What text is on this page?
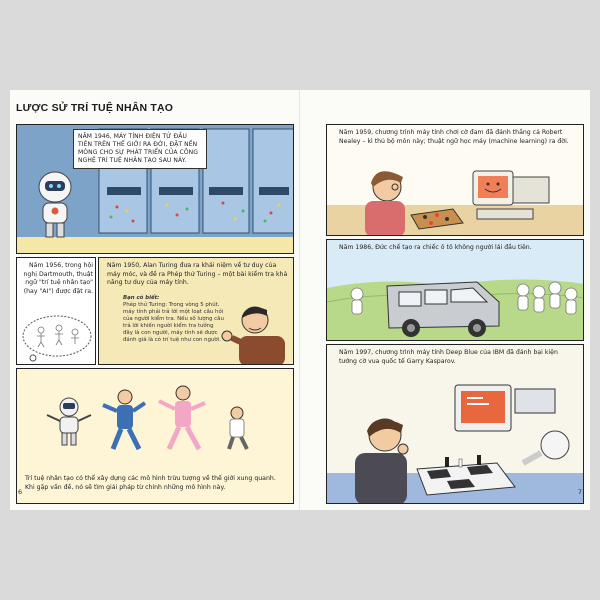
LƯỢC SỬ TRÍ TUỆ NHÂN TẠO
NĂM 1946, MÁY TÍNH ĐIỆN TỬ ĐẦU TIÊN TRÊN THẾ GIỚI RA ĐỜI, ĐẶT NỀN MÓNG CHO SỰ PHÁT TRIỂN CỦA CÔNG NGHỆ TRÍ TUỆ NHÂN TẠO SAU NÀY.
Năm 1956, trong hội nghị Dartmouth, thuật ngữ "trí tuệ nhân tạo" (hay "AI") được đặt ra.
Năm 1950, Alan Turing đưa ra khái niệm về tư duy của máy móc, và đề ra Phép thử Turing – một bài kiểm tra khả năng tư duy của máy tính.
Bạn có biết:
Phép thử Turing: Trong vòng 5 phút, máy tính phải trả lời một loạt câu hỏi của người kiểm tra. Nếu số lượng câu trả lời khiến người kiểm tra tưởng đây là con người, máy tính sẽ được đánh giá là có trí tuệ như con người.
Trí tuệ nhân tạo có thể xây dựng các mô hình trừu tượng về thế giới xung quanh. Khi gặp vấn đề, nó sẽ tìm giải pháp từ chính những mô hình này.
6
Năm 1959, chương trình máy tính chơi cờ đam đã đánh thắng cả Robert Nealey – kì thủ bộ môn này; thuật ngữ học máy (machine learning) ra đời.
Năm 1986, Đức chế tạo ra chiếc ô tô không người lái đầu tiên.
Năm 1997, chương trình máy tính Deep Blue của IBM đã đánh bại kiện tướng cờ vua quốc tế Garry Kasparov.
7
